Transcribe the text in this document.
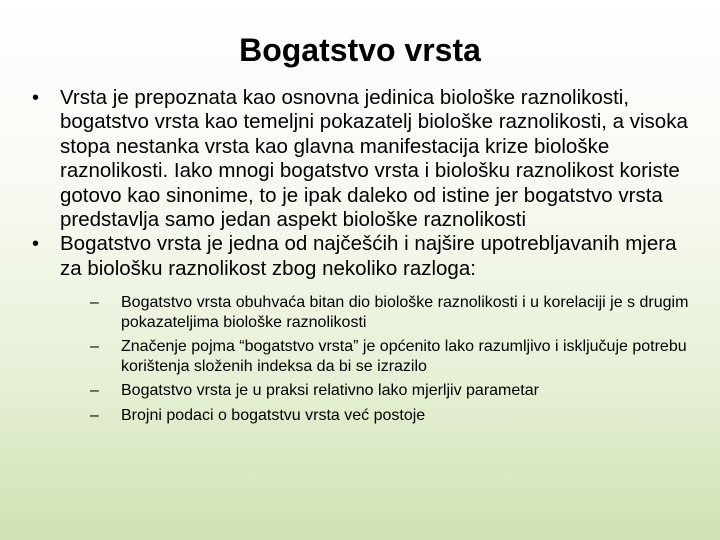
Bogatstvo vrsta

•	Vrsta je prepoznata kao osnovna jedinica biološke raznolikosti, bogatstvo vrsta kao temeljni pokazatelj biološke raznolikosti, a visoka stopa nestanka vrsta kao glavna manifestacija krize biološke raznolikosti. Iako mnogi bogatstvo vrsta i biološku raznolikost koriste gotovo kao sinonime, to je ipak daleko od istine jer bogatstvo vrsta predstavlja samo jedan aspekt biološke raznolikosti

•	Bogatstvo vrsta je jedna od najčešćih i najšire upotrebljavanih mjera za biološku raznolikost zbog nekoliko razloga:

– Bogatstvo vrsta obuhvaća bitan dio biološke raznolikosti i u korelaciji je s drugim pokazateljima biološke raznolikosti

– Značenje pojma “bogatstvo vrsta” je općenito lako razumljivo i isključuje potrebu korištenja složenih indeksa da bi se izrazilo

– Bogatstvo vrsta je u praksi relativno lako mjerljiv parametar

– Brojni podaci o bogatstvu vrsta već postoje
